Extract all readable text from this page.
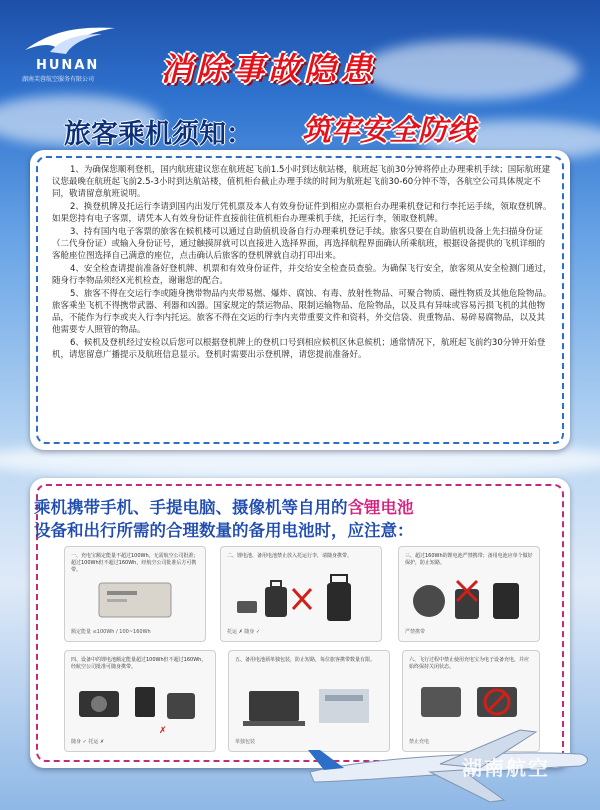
HUNAN
湖南芙蓉航空服务有限公司 消除事故隐患
旅客乘机须知： 筑牢安全防线

1、为确保您顺利登机，国内航班建议您在航班起飞前1.5小时到达航站楼，航班起飞前30分钟将停止办理乘机手续；国际航班建议您最晚在航班起飞前2.5-3小时到达航站楼，值机柜台截止办理手续的时间为航班起飞前30-60分钟不等，各航空公司具体规定不同，敬请留意航班说明。

2、换登机牌及托运行李请到国内出发厅凭机票及本人有效身份证件到相应办票柜台办理乘机登记和行李托运手续，领取登机牌。如果您持有电子客票，请凭本人有效身份证件直接前往值机柜台办理乘机手续，托运行李，领取登机牌。

3、持有国内电子客票的旅客在候机楼可以通过自助值机设备自行办理乘机登记手续。旅客只要在自助值机设备上先扫描身份证（二代身份证）或输入身份证号，通过触摸屏就可以直接进入选择界面，再选择航程界面确认所乘航班，根据设备提供的飞机详细的客舱座位图选择自己满意的座位，点击确认后旅客的登机牌就自动打印出来。

4、安全检查请提前准备好登机牌、机票和有效身份证件，并交给安全检查员查验。为确保飞行安全，旅客须从安全检测门通过，随身行李物品须经X光机检查，谢谢您的配合。

5、旅客不得在交运行李或随身携带物品内夹带易燃、爆炸、腐蚀、有毒、放射性物品、可聚合物质、磁性物质及其他危险物品。旅客乘坐飞机不得携带武器、利器和凶器。国家规定的禁运物品、限制运输物品、危险物品，以及具有异味或容易污损飞机的其他物品，不能作为行李或夹入行李内托运。旅客不得在交运的行李内夹带重要文件和资料，外交信袋、贵重物品、易碎易腐物品，以及其他需要专人照管的物品。

6、候机及登机经过安检以后您可以根据登机牌上的登机口号到相应候机区休息候机；通常情况下，航班起飞前约30分钟开始登机，请您留意广播提示及航班信息显示。登机时需要出示登机牌，请您提前准备好。

乘机携带手机、手提电脑、摄像机等自用的含锂电池
设备和出行所需的合理数量的备用电池时，应注意：
一、充电宝额定能量不超过100Wh，无需航空公司批准；超过100Wh但不超过160Wh，经航空公司批准后方可携带。
额定能量 ≤100Wh / 100~160Wh
二、锂电池、备用电池禁止放入托运行李，请随身携带。
托运 ✗ 随身 ✓
三、超过160Wh的锂电池严禁携带；备用电池应单个做好保护，防止短路。
严禁携带
四、设备中的锂电池额定能量超过100Wh但不超过160Wh，经航空公司批准可随身携带。
✗
随身 ✓ 托运 ✗
五、备用电池须单独包装，防止短路，每位旅客携带数量有限。
单独包装
六、飞行过程中禁止使用充电宝为电子设备充电，并应始终保持关闭状态。
禁止充电
湖南航空
